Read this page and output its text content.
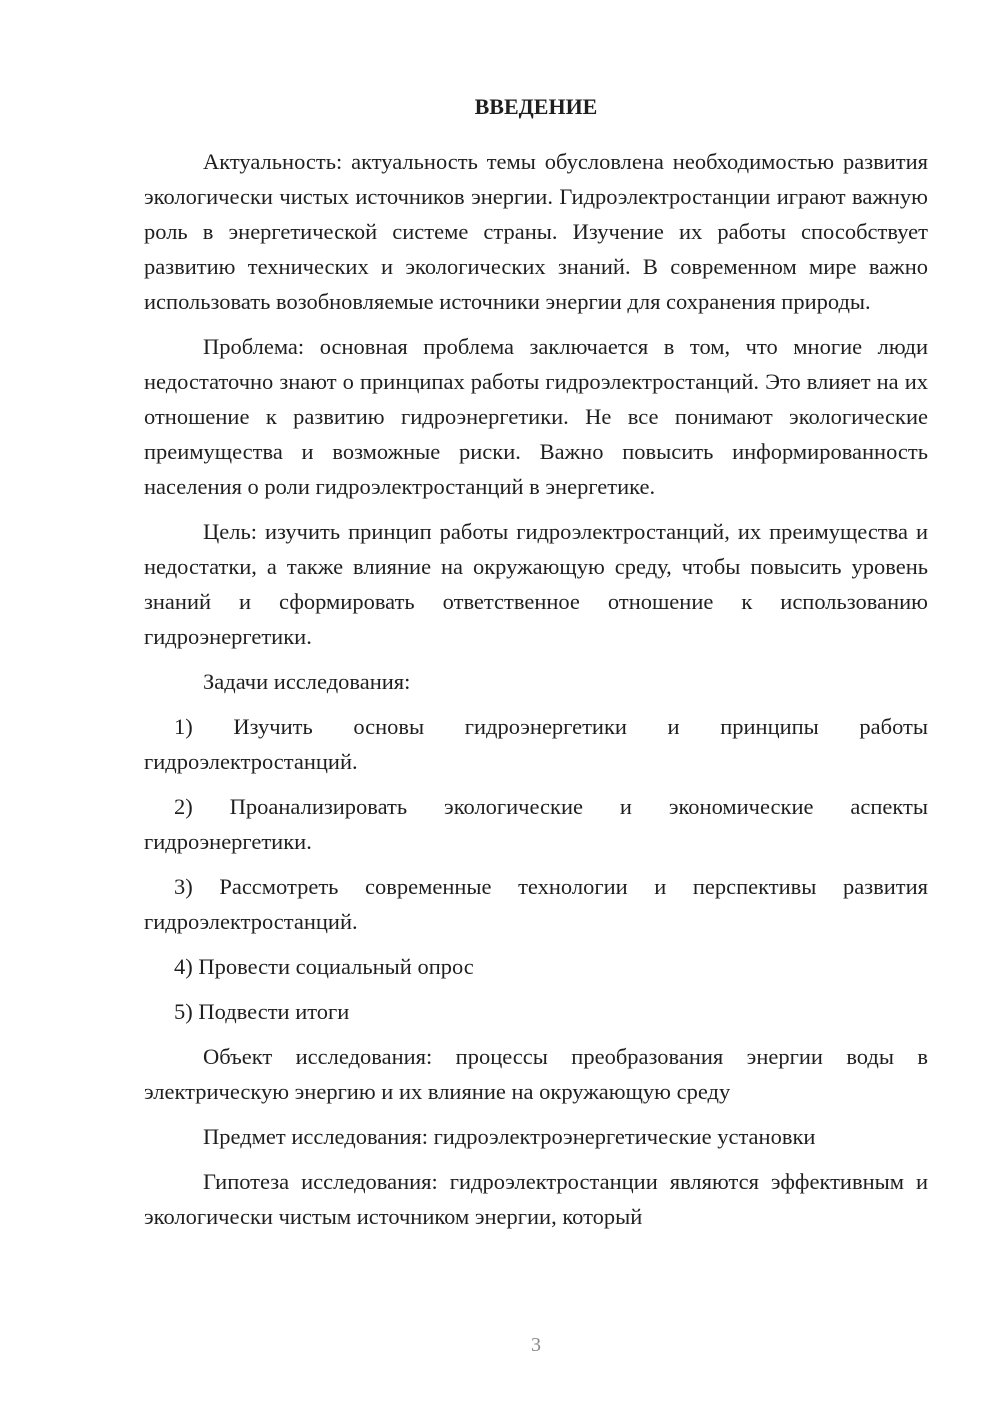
ВВЕДЕНИЕ

Актуальность: актуальность темы обусловлена необходимостью развития экологически чистых источников энергии. Гидроэлектростанции играют важную роль в энергетической системе страны. Изучение их работы способствует развитию технических и экологических знаний. В современном мире важно использовать возобновляемые источники энергии для сохранения природы.

Проблема: основная проблема заключается в том, что многие люди недостаточно знают о принципах работы гидроэлектростанций. Это влияет на их отношение к развитию гидроэнергетики. Не все понимают экологические преимущества и возможные риски. Важно повысить информированность населения о роли гидроэлектростанций в энергетике.

Цель: изучить принцип работы гидроэлектростанций, их преимущества и недостатки, а также влияние на окружающую среду, чтобы повысить уровень знаний и сформировать ответственное отношение к использованию гидроэнергетики.

Задачи исследования:

1) Изучить основы гидроэнергетики и принципы работы гидроэлектростанций.

2) Проанализировать экологические и экономические аспекты гидроэнергетики.

3) Рассмотреть современные технологии и перспективы развития гидроэлектростанций.

4) Провести социальный опрос

5) Подвести итоги

Объект исследования: процессы преобразования энергии воды в электрическую энергию и их влияние на окружающую среду

Предмет исследования: гидроэлектроэнергетические установки

Гипотеза исследования: гидроэлектростанции являются эффективным и экологически чистым источником энергии, который

3
